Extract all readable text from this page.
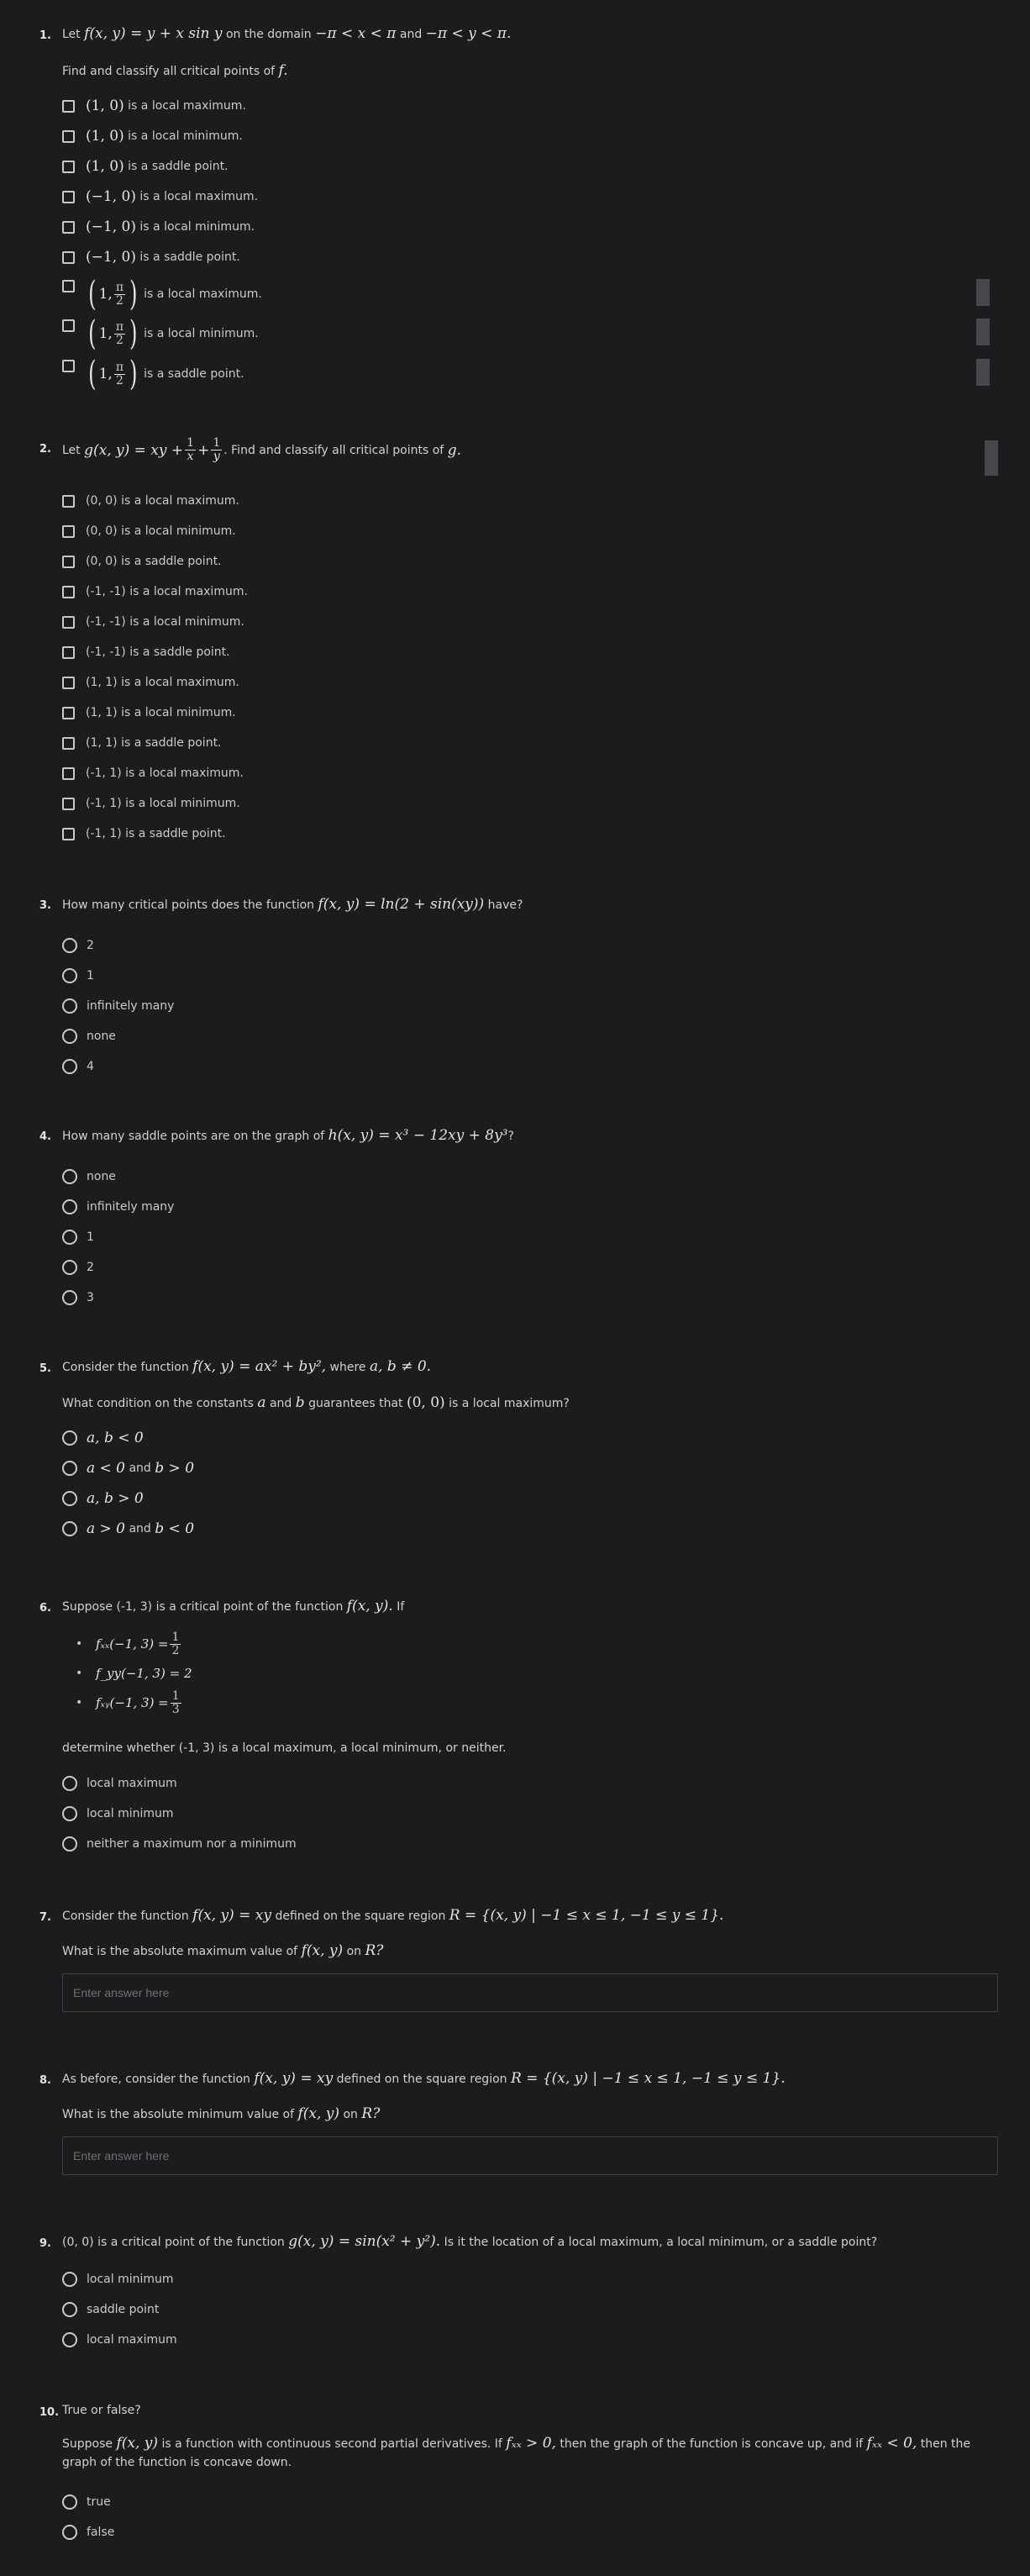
1. Let f(x, y) = y + x sin y on the domain −π < x < π and −π < y < π.
Find and classify all critical points of f.
(1, 0)
is a local maximum.
(1, 0)
is a local minimum.
(1, 0)
is a saddle point.
(−1, 0)
is a local maximum.
(−1, 0)
is a local minimum.
(−1, 0)
is a saddle point.
( 1, $\frac{\pi}{2}$ )
is a local maximum.
( 1, $\frac{\pi}{2}$ )
is a local minimum.
( 1, $\frac{\pi}{2}$ )
is a saddle point.
2. Let
g(x, y) = xy + $\frac{1}{x} + \frac{1}{y}$ . Find and classify all critical points of
g.
(0, 0) is a local maximum.
(0, 0) is a local minimum.
(0, 0) is a saddle point.
(-1, -1) is a local maximum.
(-1, -1) is a local minimum.
(-1, -1) is a saddle point.
(1, 1) is a local maximum.
(1, 1) is a local minimum.
(1, 1) is a saddle point.
(-1, 1) is a local maximum.
(-1, 1) is a local minimum.
(-1, 1) is a saddle point.
3. How many critical points does the function f(x, y) = ln(2 + sin(xy)) have?
2
1
infinitely many
none
4
4. How many saddle points are on the graph of h(x, y) = x³ − 12xy + 8y³?
none
infinitely many
1
2
3
5. Consider the function f(x, y) = ax² + by², where a, b ≠ 0.
What condition on the constants a and b guarantees that (0, 0) is a local maximum?
a, b < 0
a < 0
and
b > 0
a, b > 0
a > 0
and
b < 0
6. Suppose (-1, 3) is a critical point of the function f(x, y). If
• fₓₓ(−1, $3) = \frac{1}{2}$
• f_yy(−1, 3) = 2
• fₓᵧ(−1, $3) = \frac{1}{3}$
determine whether (-1, 3) is a local maximum, a local minimum, or neither.
local maximum
local minimum
neither a maximum nor a minimum
7. Consider the function f(x, y) = xy defined on the square region R = {(x, y) | −1 ≤ x ≤ 1, −1 ≤ y ≤ 1}.
What is the absolute maximum value of f(x, y) on R?
Enter answer here
8. As before, consider the function f(x, y) = xy defined on the square region R = {(x, y) | −1 ≤ x ≤ 1, −1 ≤ y ≤ 1}.
What is the absolute minimum value of f(x, y) on R?
Enter answer here
9. (0, 0) is a critical point of the function g(x, y) = sin(x² + y²). Is it the location of a local maximum, a local minimum, or a saddle point?
local minimum
saddle point
local maximum
10. True or false?
Suppose f(x, y) is a function with continuous second partial derivatives. If fₓₓ > 0, then the graph of the function is concave up, and if fₓₓ < 0, then the graph of the function is concave down.
true
false
